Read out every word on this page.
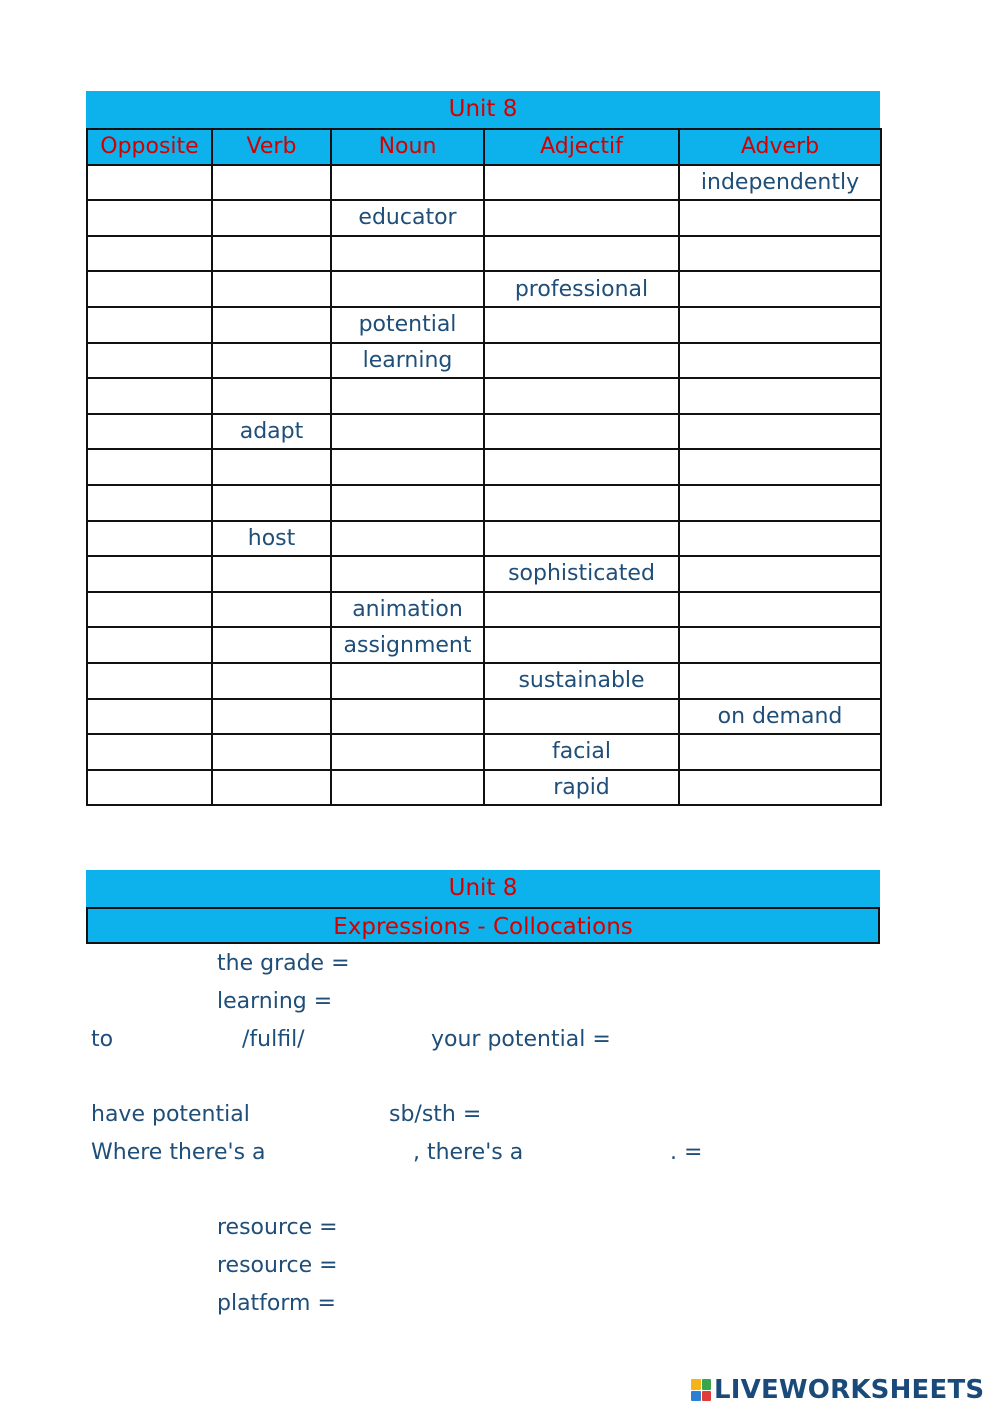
Unit 8
Opposite	Verb	Noun	Adjectif	Adverb
				independently
		educator		

			professional	
		potential		
		learning		

	adapt			

	host			
			sophisticated	
		animation		
		assignment		
			sustainable	
				on demand
			facial	
			rapid	
Unit 8
Expressions - Collocations
the grade =
learning =
to	/fulfil/	your potential =
have potential	sb/sth =
Where there's a	, there's a	. =
resource =
resource =
platform =
LIVEWORKSHEETS
